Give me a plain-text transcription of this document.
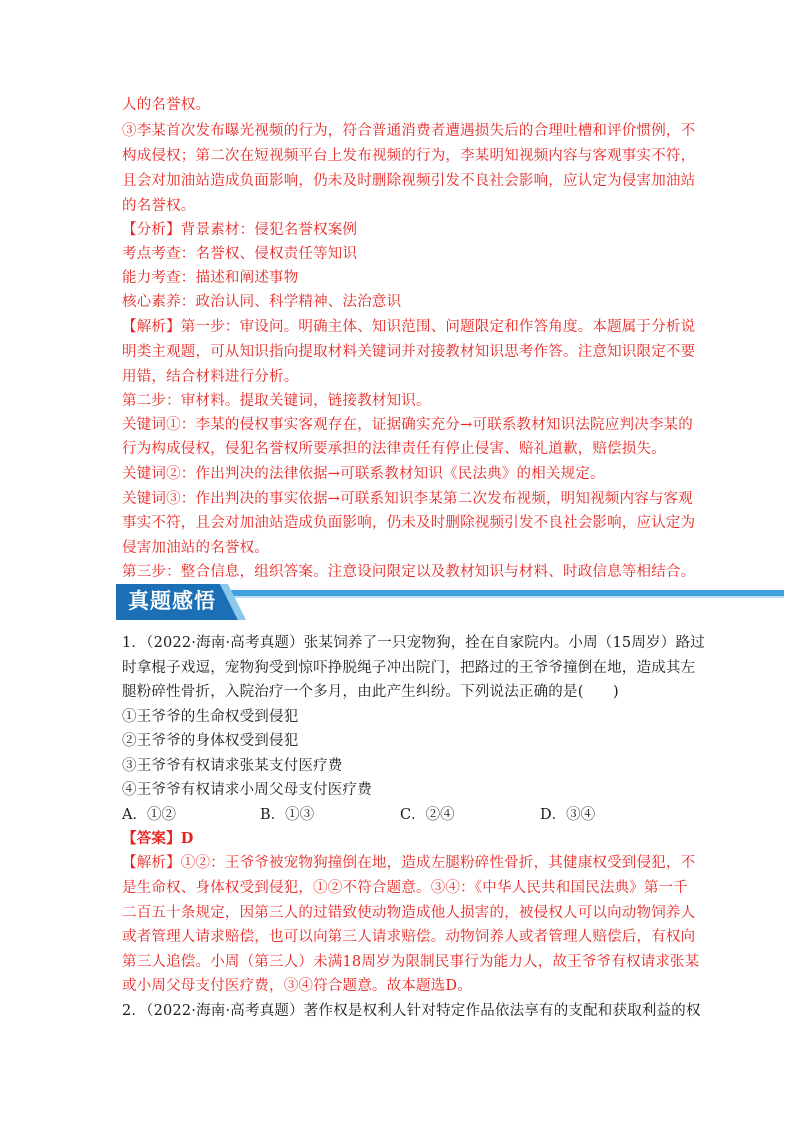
人的名誉权。
③李某首次发布曝光视频的行为，符合普通消费者遭遇损失后的合理吐槽和评价惯例，不
构成侵权；第二次在短视频平台上发布视频的行为，李某明知视频内容与客观事实不符，
且会对加油站造成负面影响，仍未及时删除视频引发不良社会影响，应认定为侵害加油站
的名誉权。
【分析】背景素材：侵犯名誉权案例
考点考查：名誉权、侵权责任等知识
能力考查：描述和阐述事物
核心素养：政治认同、科学精神、法治意识
【解析】第一步：审设问。明确主体、知识范围、问题限定和作答角度。本题属于分析说
明类主观题，可从知识指向提取材料关键词并对接教材知识思考作答。注意知识限定不要
用错，结合材料进行分析。
第二步：审材料。提取关键词，链接教材知识。
关键词①：李某的侵权事实客观存在，证据确实充分→可联系教材知识法院应判决李某的
行为构成侵权，侵犯名誉权所要承担的法律责任有停止侵害、赔礼道歉，赔偿损失。
关键词②：作出判决的法律依据→可联系教材知识《民法典》的相关规定。
关键词③：作出判决的事实依据→可联系知识李某第二次发布视频，明知视频内容与客观
事实不符，且会对加油站造成负面影响，仍未及时删除视频引发不良社会影响，应认定为
侵害加油站的名誉权。
第三步：整合信息，组织答案。注意设问限定以及教材知识与材料、时政信息等相结合。
真题感悟
1．（2022·海南·高考真题）张某饲养了一只宠物狗，拴在自家院内。小周（15周岁）路过
时拿棍子戏逗，宠物狗受到惊吓挣脱绳子冲出院门，把路过的王爷爷撞倒在地，造成其左
腿粉碎性骨折，入院治疗一个多月，由此产生纠纷。下列说法正确的是(　　)
①王爷爷的生命权受到侵犯
②王爷爷的身体权受到侵犯
③王爷爷有权请求张某支付医疗费
④王爷爷有权请求小周父母支付医疗费
A．①②	B．①③	C．②④	D．③④
【答案】D
【解析】①②：王爷爷被宠物狗撞倒在地，造成左腿粉碎性骨折，其健康权受到侵犯，不
是生命权、身体权受到侵犯，①②不符合题意。③④：《中华人民共和国民法典》第一千
二百五十条规定，因第三人的过错致使动物造成他人损害的，被侵权人可以向动物饲养人
或者管理人请求赔偿，也可以向第三人请求赔偿。动物饲养人或者管理人赔偿后，有权向
第三人追偿。小周（第三人）未满18周岁为限制民事行为能力人，故王爷爷有权请求张某
或小周父母支付医疗费，③④符合题意。故本题选D。
2．（2022·海南·高考真题）著作权是权利人针对特定作品依法享有的支配和获取利益的权
